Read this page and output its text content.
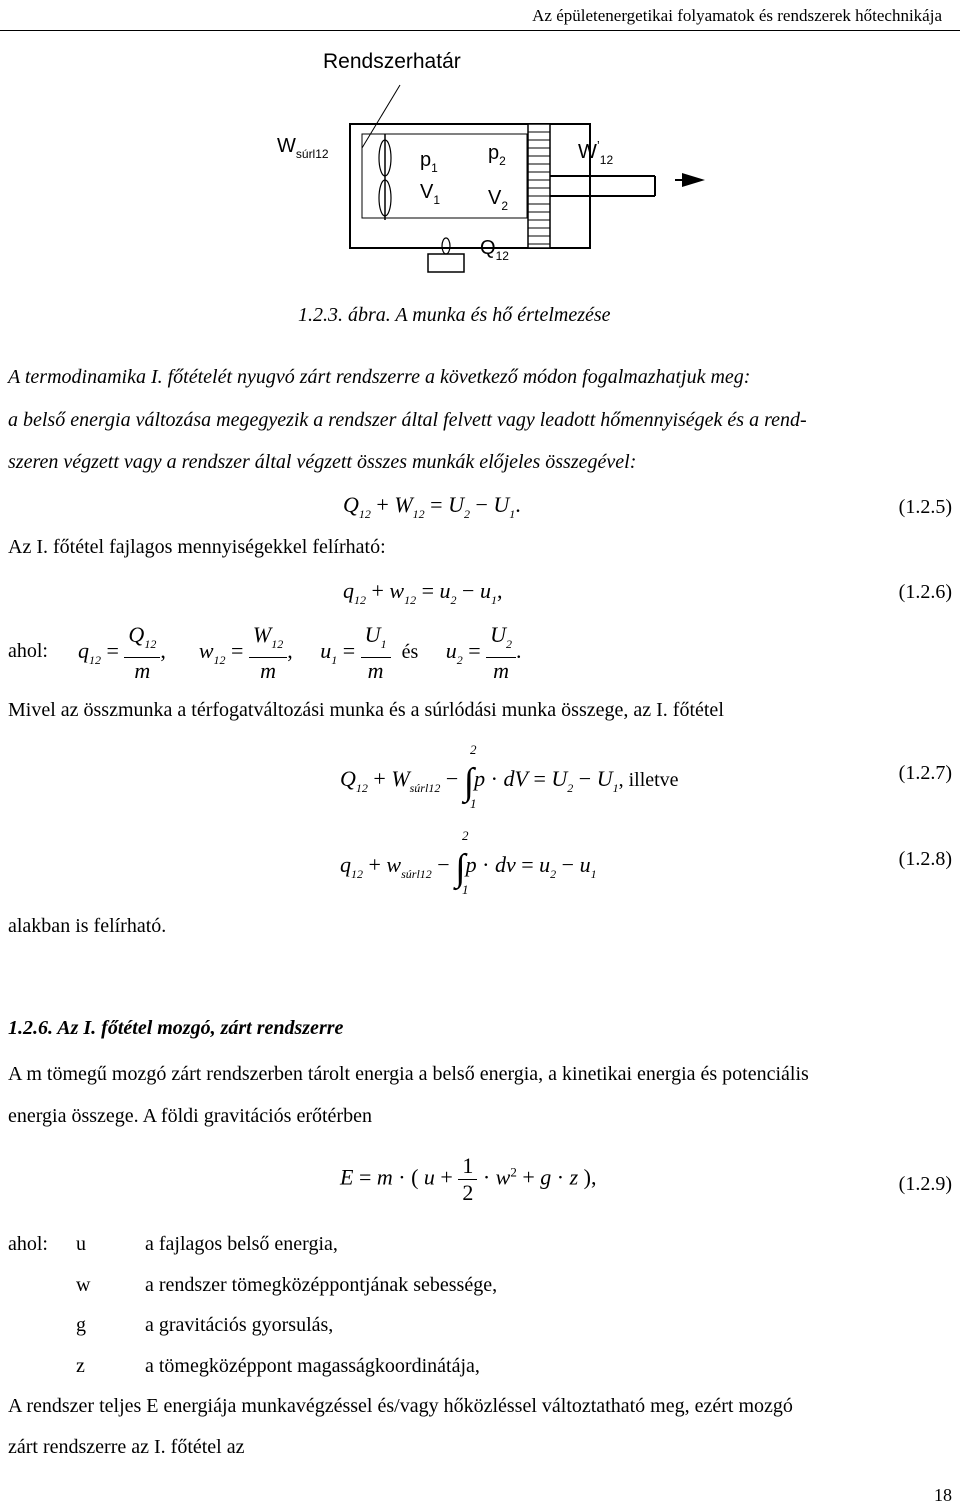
Az épületenergetikai folyamatok és rendszerek hőtechnikája
Rendszerhatár
$W_{súrl12}$	$p_1$
$V_1$
$p_2$
$V_2$
$W^’_{12}$
$Q_{12}$
1.2.3. ábra. A munka és hő értelmezése
A termodinamika I. főtételét nyugvó zárt rendszerre a következő módon fogalmazhatjuk meg:
a belső energia változása megegyezik a rendszer által felvett vagy leadott hőmennyiségek és a rend-
szeren végzett vagy a rendszer által végzett összes munkák előjeles összegével:
$Q_{12} + W_{12} = U_2 - U_1$.	(1.2.5)
Az I. főtétel fajlagos mennyiségekkel felírható:
$q_{12} + w_{12} = u_2 - u_1$,	(1.2.6)
ahol: $q_{12} = \frac{Q_{12}}{m}$ ,      $w_{12} = \frac{W_{12}}{m}$ ,     $u_1 = \frac{U_1}{m}$ és $u_2 = \frac{U_2}{m}$ .
Mivel az összmunka a térfogatváltozási munka és a súrlódási munka összege, az I. főtétel
2
1
$Q_{12} + W_{súrl12} - \int p$ · dV = $U_2 - U_1$, illetve	(1.2.7)
2
1
$q_{12} + w_{súrl12} - \int p$ · dv = $u_2 - u_1$
(1.2.8)
alakban is felírható.
1.2.6. Az I. főtétel mozgó, zárt rendszerre
A m tömegű mozgó zárt rendszerben tárolt energia a belső energia, a kinetikai energia és potenciális
energia összege. A földi gravitációs erőtérben
E = m · ( $u + \frac{1}{2} \cdot w^2 + g \cdot z$ ),	(1.2.9)
ahol: u	a fajlagos belső energia,
w	a rendszer tömegközéppontjának sebessége,
g	a gravitációs gyorsulás,
z	a tömegközéppont magasságkoordinátája,
A rendszer teljes E energiája munkavégzéssel és/vagy hőközléssel változtatható meg, ezért mozgó
zárt rendszerre az I. főtétel az
18
